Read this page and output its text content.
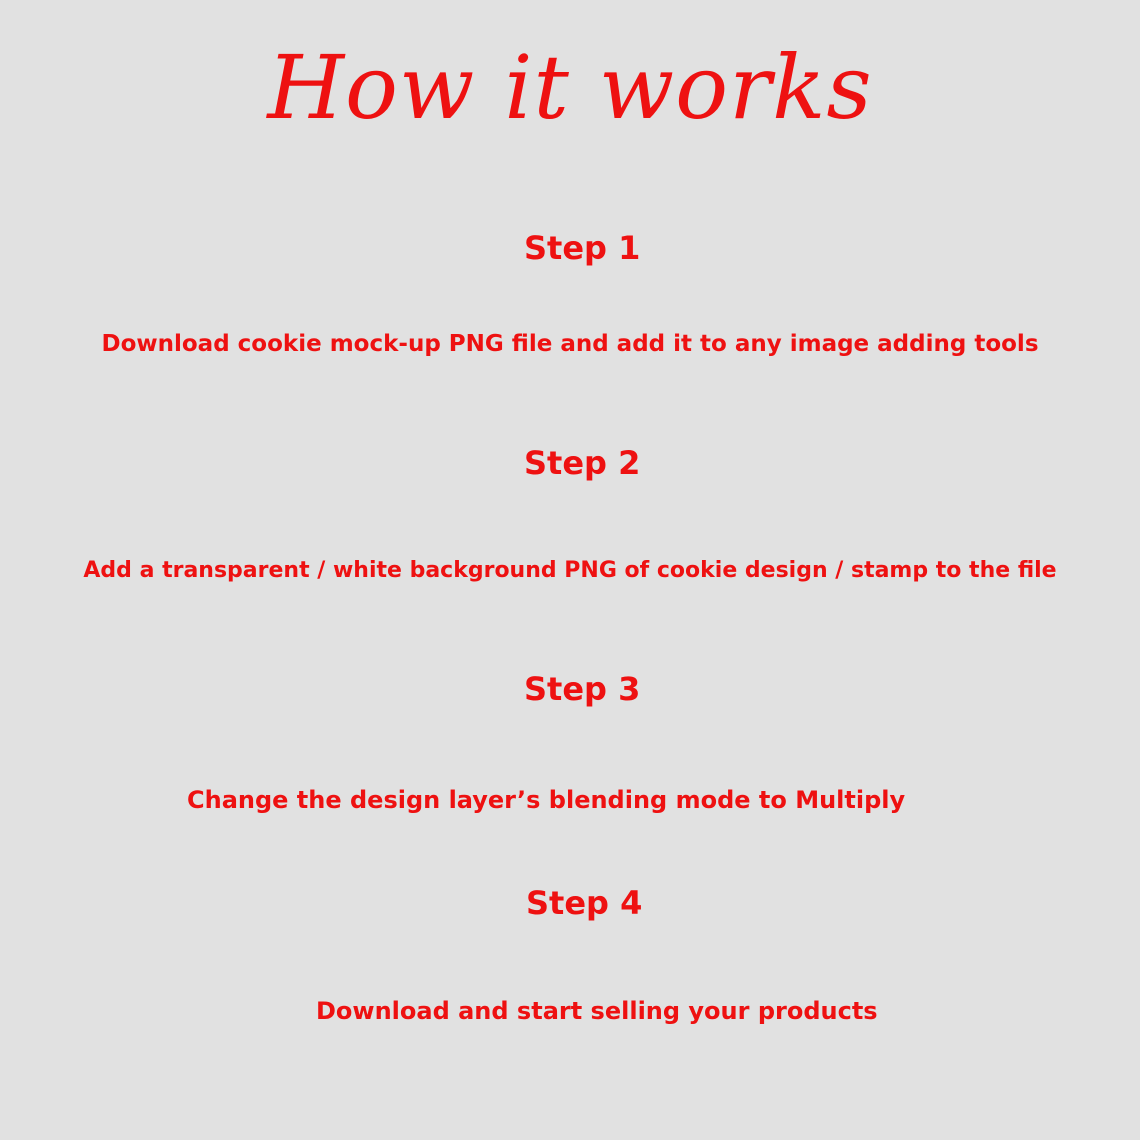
How it works
Step 1
Download cookie mock-up PNG file and add it to any image adding tools
Step 2
Add a transparent / white background PNG of cookie design / stamp to the file
Step 3
Change the design layer’s blending mode to Multiply
Step 4
Download and start selling your products
